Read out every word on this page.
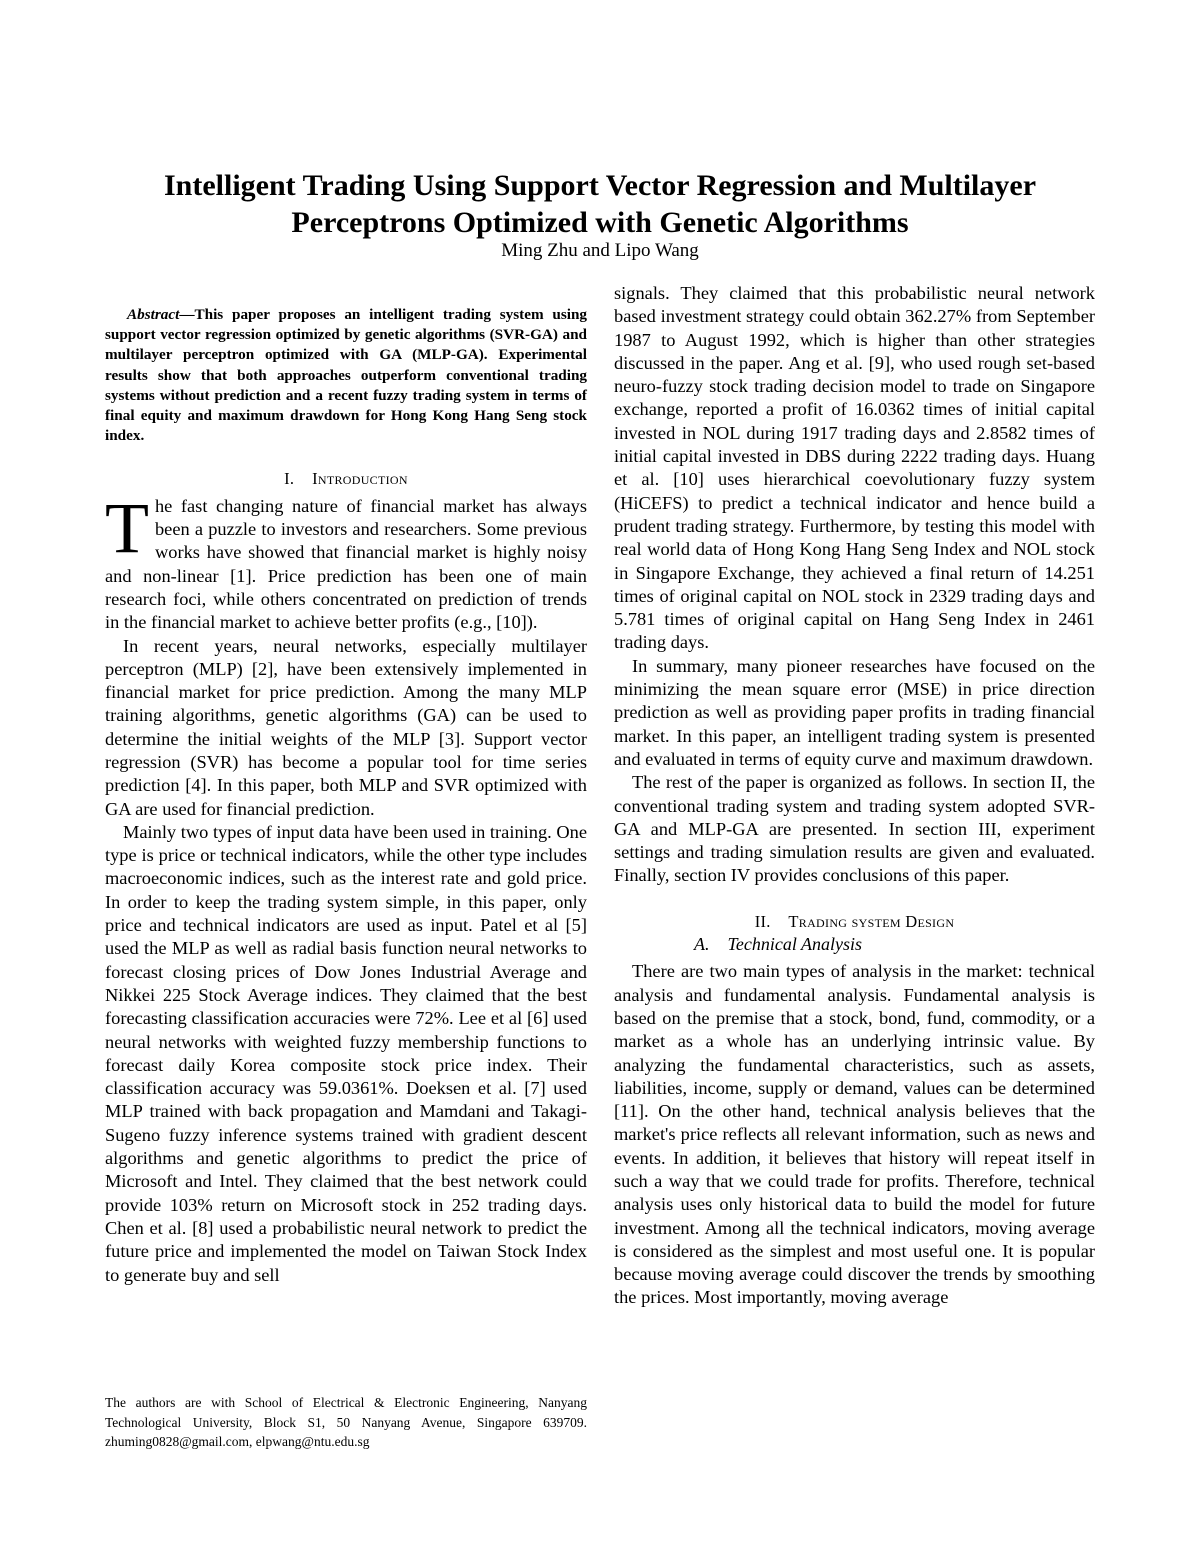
Intelligent Trading Using Support Vector Regression and Multilayer
Perceptrons Optimized with Genetic Algorithms
Ming Zhu and Lipo Wang

Abstract—This paper proposes an intelligent trading system using support vector regression optimized by genetic algorithms (SVR-GA) and multilayer perceptron optimized with GA (MLP-GA). Experimental results show that both approaches outperform conventional trading systems without prediction and a recent fuzzy trading system in terms of final equity and maximum drawdown for Hong Kong Hang Seng stock index.

I. Introduction

The fast changing nature of financial market has always been a puzzle to investors and researchers. Some previous works have showed that financial market is highly noisy and non-linear [1]. Price prediction has been one of main research foci, while others concentrated on prediction of trends in the financial market to achieve better profits (e.g., [10]).

In recent years, neural networks, especially multilayer perceptron (MLP) [2], have been extensively implemented in financial market for price prediction. Among the many MLP training algorithms, genetic algorithms (GA) can be used to determine the initial weights of the MLP [3]. Support vector regression (SVR) has become a popular tool for time series prediction [4]. In this paper, both MLP and SVR optimized with GA are used for financial prediction.

Mainly two types of input data have been used in training. One type is price or technical indicators, while the other type includes macroeconomic indices, such as the interest rate and gold price. In order to keep the trading system simple, in this paper, only price and technical indicators are used as input. Patel et al [5] used the MLP as well as radial basis function neural networks to forecast closing prices of Dow Jones Industrial Average and Nikkei 225 Stock Average indices. They claimed that the best forecasting classification accuracies were 72%. Lee et al [6] used neural networks with weighted fuzzy membership functions to forecast daily Korea composite stock price index. Their classification accuracy was 59.0361%. Doeksen et al. [7] used MLP trained with back propagation and Mamdani and Takagi-Sugeno fuzzy inference systems trained with gradient descent algorithms and genetic algorithms to predict the price of Microsoft and Intel. They claimed that the best network could provide 103% return on Microsoft stock in 252 trading days. Chen et al. [8] used a probabilistic neural network to predict the future price and implemented the model on Taiwan Stock Index to generate buy and sell

The authors are with School of Electrical & Electronic Engineering, Nanyang Technological University, Block S1, 50 Nanyang Avenue, Singapore 639709. zhuming0828@gmail.com, elpwang@ntu.edu.sg

signals. They claimed that this probabilistic neural network based investment strategy could obtain 362.27% from September 1987 to August 1992, which is higher than other strategies discussed in the paper. Ang et al. [9], who used rough set-based neuro-fuzzy stock trading decision model to trade on Singapore exchange, reported a profit of 16.0362 times of initial capital invested in NOL during 1917 trading days and 2.8582 times of initial capital invested in DBS during 2222 trading days. Huang et al. [10] uses hierarchical coevolutionary fuzzy system (HiCEFS) to predict a technical indicator and hence build a prudent trading strategy. Furthermore, by testing this model with real world data of Hong Kong Hang Seng Index and NOL stock in Singapore Exchange, they achieved a final return of 14.251 times of original capital on NOL stock in 2329 trading days and 5.781 times of original capital on Hang Seng Index in 2461 trading days.

In summary, many pioneer researches have focused on the minimizing the mean square error (MSE) in price direction prediction as well as providing paper profits in trading financial market. In this paper, an intelligent trading system is presented and evaluated in terms of equity curve and maximum drawdown.

The rest of the paper is organized as follows. In section II, the conventional trading system and trading system adopted SVR-GA and MLP-GA are presented. In section III, experiment settings and trading simulation results are given and evaluated. Finally, section IV provides conclusions of this paper.

II. Trading system Design

A. Technical Analysis

There are two main types of analysis in the market: technical analysis and fundamental analysis. Fundamental analysis is based on the premise that a stock, bond, fund, commodity, or a market as a whole has an underlying intrinsic value. By analyzing the fundamental characteristics, such as assets, liabilities, income, supply or demand, values can be determined [11]. On the other hand, technical analysis believes that the market's price reflects all relevant information, such as news and events. In addition, it believes that history will repeat itself in such a way that we could trade for profits. Therefore, technical analysis uses only historical data to build the model for future investment. Among all the technical indicators, moving average is considered as the simplest and most useful one. It is popular because moving average could discover the trends by smoothing the prices. Most importantly, moving average
